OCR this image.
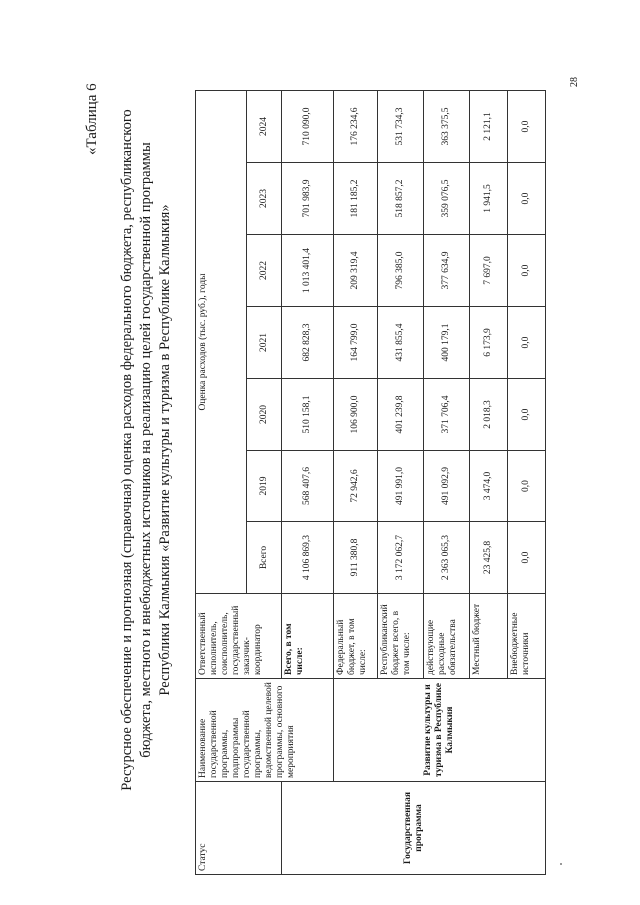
28
«Таблица 6 Ресурсное обеспечение и прогнозная (справочная) оценка расходов федерального бюджета, республиканского бюджета, местного и внебюджетных источников на реализацию целей государственной программы Республики Калмыкия «Развитие культуры и туризма в Республике Калмыкия»
Статус	Наименование государственной программы, подпрограммы государственной программы, ведомственной целевой программы, основного мероприятия	Ответственный исполнитель, соисполнитель, государственный заказчик-координатор	Оценка расходов (тыс. руб.), годы						
			Всего	2019	2020	2021	2022	2023	2024
Государственная программа		Всего, в том числе:	4 106 869,3	568 407,6	510 158,1	682 828,3	1 013 401,4	701 983,9	710 090,0
	Развитие культуры и туризма в Республике Калмыкия	Федеральный бюджет, в том числе:	911 380,8	72 942,6	106 900,0	164 799,0	209 319,4	181 185,2	176 234,6
		Республиканский бюджет всего, в том числе:	3 172 062,7	491 991,0	401 239,8	431 855,4	796 385,0	518 857,2	531 734,3
		действующие расходные обязательства	2 363 065,3	491 092,9	371 706,4	400 179,1	377 634,9	359 076,5	363 375,5
		Местный бюджет	23 425,8	3 474,0	2 018,3	6 173,9	7 697,0	1 941,5	2 121,1
		Внебюджетные источники	0,0	0,0	0,0	0,0	0,0	0,0	0,0
